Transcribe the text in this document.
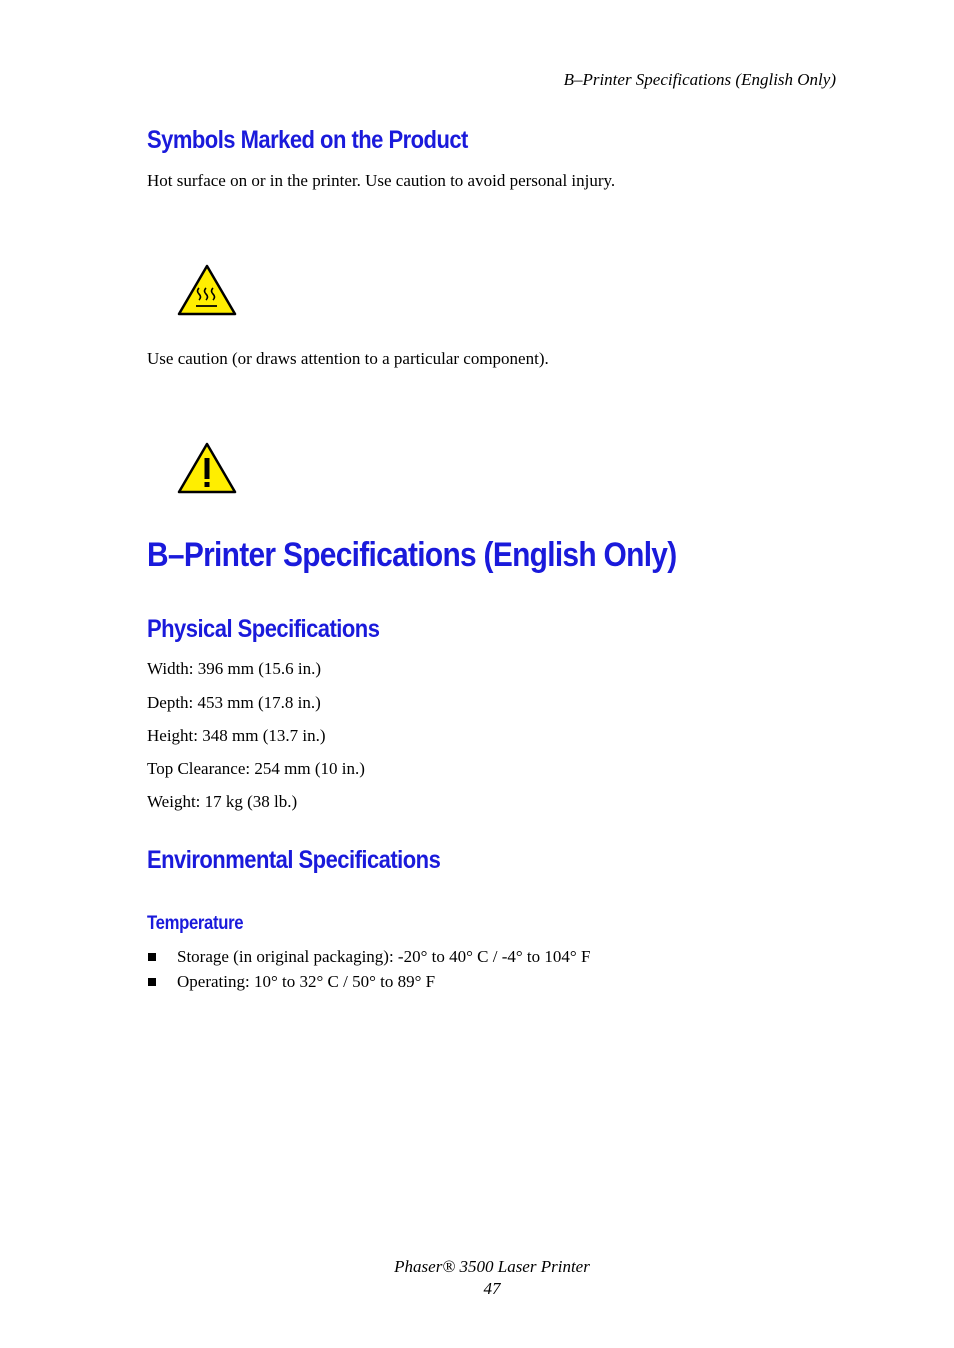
B–Printer Specifications (English Only)
Symbols Marked on the Product
Hot surface on or in the printer. Use caution to avoid personal injury.
Use caution (or draws attention to a particular component).
B–Printer Specifications (English Only)
Physical Specifications
Width: 396 mm (15.6 in.)
Depth: 453 mm (17.8 in.)
Height: 348 mm (13.7 in.)
Top Clearance: 254 mm (10 in.)
Weight: 17 kg (38 lb.)
Environmental Specifications
Temperature
Storage (in original packaging): -20° to 40° C / -4° to 104° F
Operating: 10° to 32° C / 50° to 89° F
Phaser® 3500 Laser Printer
47
